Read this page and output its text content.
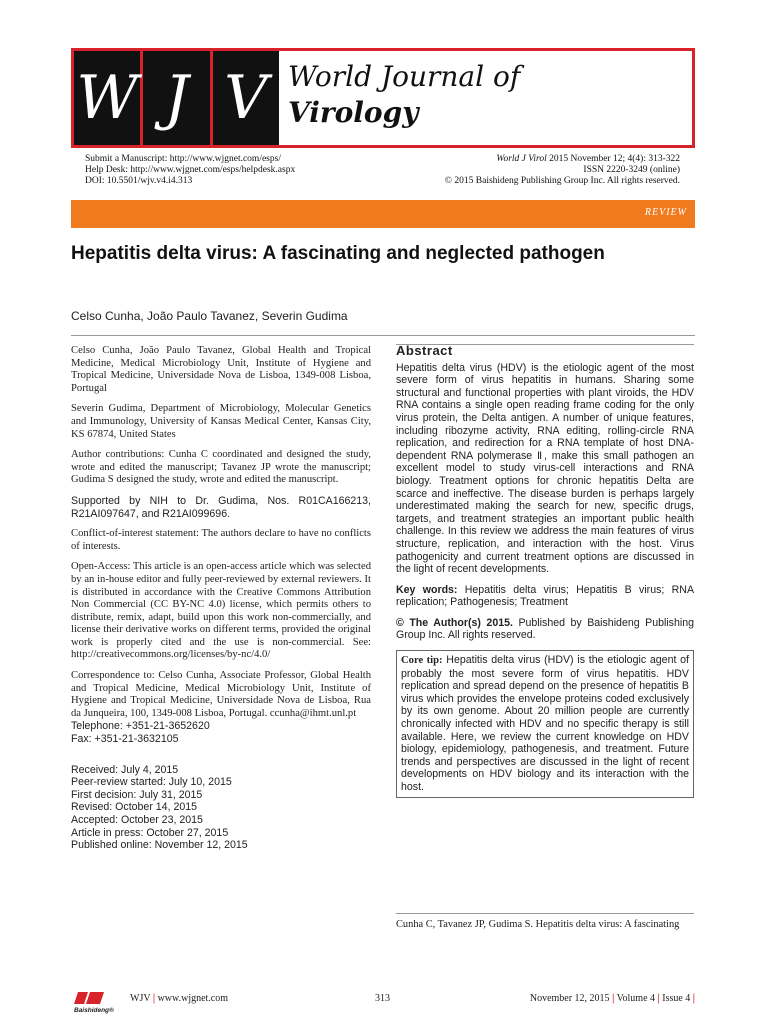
W J V World Journal of
Virology
Submit a Manuscript: http://www.wjgnet.com/esps/
Help Desk: http://www.wjgnet.com/esps/helpdesk.aspx
DOI: 10.5501/wjv.v4.i4.313
World J Virol 2015 November 12; 4(4): 313-322
ISSN 2220-3249 (online)
© 2015 Baishideng Publishing Group Inc. All rights reserved.
REVIEW
Hepatitis delta virus: A fascinating and neglected pathogen
Celso Cunha, João Paulo Tavanez, Severin Gudima

Celso Cunha, João Paulo Tavanez, Global Health and Tropical Medicine, Medical Microbiology Unit, Institute of Hygiene and Tropical Medicine, Universidade Nova de Lisboa, 1349-008 Lisboa, Portugal

Severin Gudima, Department of Microbiology, Molecular Genetics and Immunology, University of Kansas Medical Center, Kansas City, KS 67874, United States

Author contributions: Cunha C coordinated and designed the study, wrote and edited the manuscript; Tavanez JP wrote the manuscript; Gudima S designed the study, wrote and edited the manuscript.

Supported by NIH to Dr. Gudima, Nos. R01CA166213, R21AI097647, and R21AI099696.

Conflict-of-interest statement: The authors declare to have no conflicts of interests.

Open-Access: This article is an open-access article which was selected by an in-house editor and fully peer-reviewed by external reviewers. It is distributed in accordance with the Creative Commons Attribution Non Commercial (CC BY-NC 4.0) license, which permits others to distribute, remix, adapt, build upon this work non-commercially, and license their derivative works on different terms, provided the original work is properly cited and the use is non-commercial. See: http://creativecommons.org/licenses/by-nc/4.0/

Correspondence to: Celso Cunha, Associate Professor, Global Health and Tropical Medicine, Medical Microbiology Unit, Institute of Hygiene and Tropical Medicine, Universidade Nova de Lisboa, Rua da Junqueira, 100, 1349-008 Lisboa, Portugal. ccunha@ihmt.unl.pt

Telephone: +351-21-3652620
Fax: +351-21-3632105

Received: July 4, 2015

Peer-review started: July 10, 2015

First decision: July 31, 2015

Revised: October 14, 2015

Accepted: October 23, 2015

Article in press: October 27, 2015

Published online: November 12, 2015

Abstract

Hepatitis delta virus (HDV) is the etiologic agent of the most severe form of virus hepatitis in humans. Sharing some structural and functional properties with plant viroids, the HDV RNA contains a single open reading frame coding for the only virus protein, the Delta antigen. A number of unique features, including ribozyme activity, RNA editing, rolling-circle RNA replication, and redirection for a RNA template of host DNA-dependent RNA polymerase Ⅱ, make this small pathogen an excellent model to study virus-cell interactions and RNA biology. Treatment options for chronic hepatitis Delta are scarce and ineffective. The disease burden is perhaps largely underestimated making the search for new, specific drugs, targets, and treatment strategies an important public health challenge. In this review we address the main features of virus structure, replication, and interaction with the host. Virus pathogenicity and current treatment options are discussed in the light of recent developments.

Key words: Hepatitis delta virus; Hepatitis B virus; RNA replication; Pathogenesis; Treatment

© The Author(s) 2015. Published by Baishideng Publishing Group Inc. All rights reserved.

Core tip: Hepatitis delta virus (HDV) is the etiologic agent of probably the most severe form of virus hepatitis. HDV replication and spread depend on the presence of hepatitis B virus which provides the envelope proteins coded exclusively by its own genome. About 20 million people are currently chronically infected with HDV and no specific therapy is still available. Here, we review the current knowledge on HDV biology, epidemiology, pathogenesis, and treatment. Future trends and perspectives are discussed in the light of recent developments on HDV biology and its interaction with the host.
Cunha C, Tavanez JP, Gudima S. Hepatitis delta virus: A fascinating
Baishideng®
WJV | www.wjgnet.com	313	November 12, 2015 | Volume 4 | Issue 4 |
